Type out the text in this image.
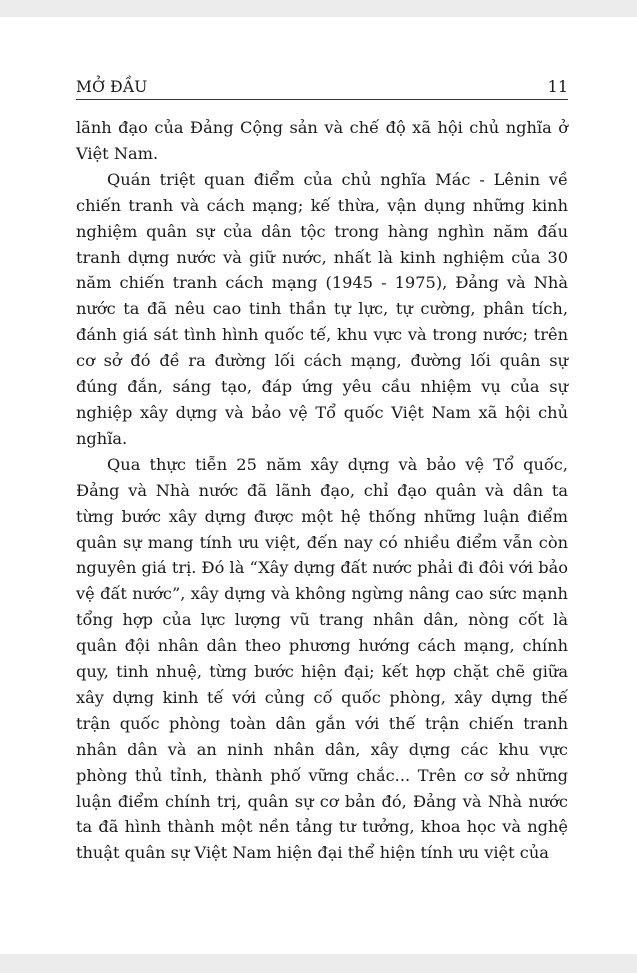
MỞ ĐẦU	11

lãnh đạo của Đảng Cộng sản và chế độ xã hội chủ nghĩa ở Việt Nam.

Quán triệt quan điểm của chủ nghĩa Mác - Lênin về chiến tranh và cách mạng; kế thừa, vận dụng những kinh nghiệm quân sự của dân tộc trong hàng nghìn năm đấu tranh dựng nước và giữ nước, nhất là kinh nghiệm của 30 năm chiến tranh cách mạng (1945 - 1975), Đảng và Nhà nước ta đã nêu cao tinh thần tự lực, tự cường, phân tích, đánh giá sát tình hình quốc tế, khu vực và trong nước; trên cơ sở đó đề ra đường lối cách mạng, đường lối quân sự đúng đắn, sáng tạo, đáp ứng yêu cầu nhiệm vụ của sự nghiệp xây dựng và bảo vệ Tổ quốc Việt Nam xã hội chủ nghĩa.

Qua thực tiễn 25 năm xây dựng và bảo vệ Tổ quốc, Đảng và Nhà nước đã lãnh đạo, chỉ đạo quân và dân ta từng bước xây dựng được một hệ thống những luận điểm quân sự mang tính ưu việt, đến nay có nhiều điểm vẫn còn nguyên giá trị. Đó là “Xây dựng đất nước phải đi đôi với bảo vệ đất nước”, xây dựng và không ngừng nâng cao sức mạnh tổng hợp của lực lượng vũ trang nhân dân, nòng cốt là quân đội nhân dân theo phương hướng cách mạng, chính quy, tinh nhuệ, từng bước hiện đại; kết hợp chặt chẽ giữa xây dựng kinh tế với củng cố quốc phòng, xây dựng thế trận quốc phòng toàn dân gắn với thế trận chiến tranh nhân dân và an ninh nhân dân, xây dựng các khu vực phòng thủ tỉnh, thành phố vững chắc... Trên cơ sở những luận điểm chính trị, quân sự cơ bản đó, Đảng và Nhà nước ta đã hình thành một nền tảng tư tưởng, khoa học và nghệ thuật quân sự Việt Nam hiện đại thể hiện tính ưu việt của
